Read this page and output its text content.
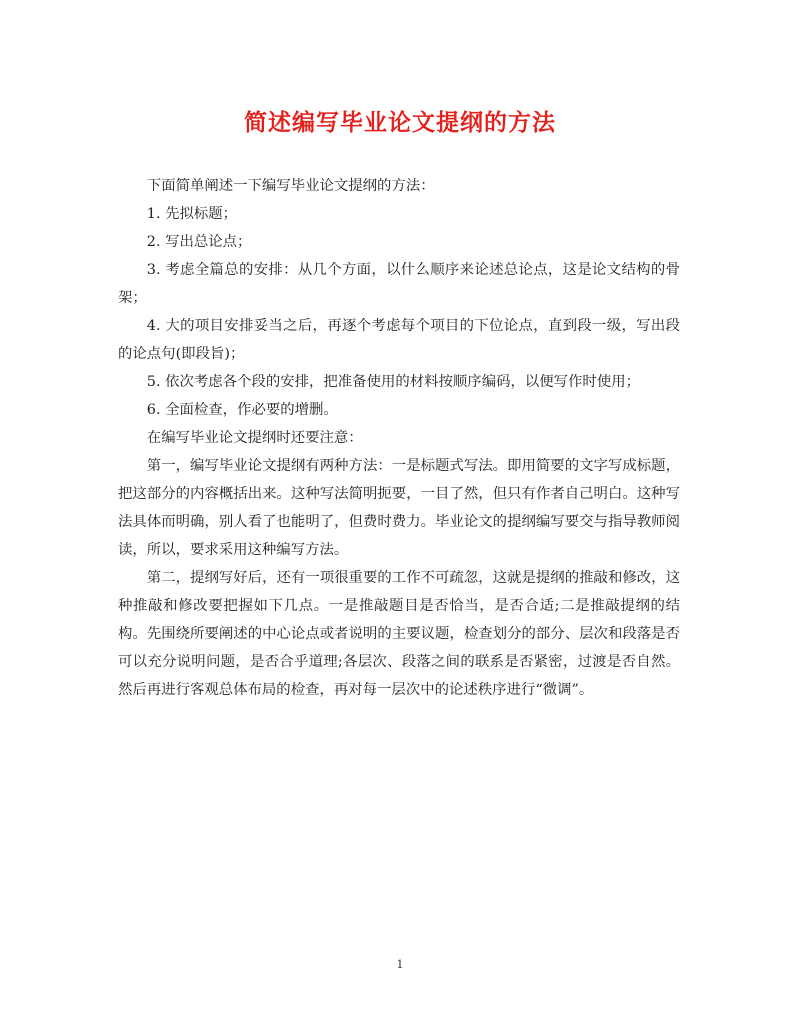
简述编写毕业论文提纲的方法

下面简单阐述一下编写毕业论文提纲的方法：

1. 先拟标题；

2. 写出总论点；

3. 考虑全篇总的安排：从几个方面，以什么顺序来论述总论点，这是论文结构的骨架；

4. 大的项目安排妥当之后，再逐个考虑每个项目的下位论点，直到段一级，写出段的论点句(即段旨)；

5. 依次考虑各个段的安排，把准备使用的材料按顺序编码，以便写作时使用；

6. 全面检查，作必要的增删。

在编写毕业论文提纲时还要注意：

第一，编写毕业论文提纲有两种方法：一是标题式写法。即用简要的文字写成标题，把这部分的内容概括出来。这种写法简明扼要，一目了然，但只有作者自己明白。这种写法具体而明确，别人看了也能明了，但费时费力。毕业论文的提纲编写要交与指导教师阅读，所以，要求采用这种编写方法。

第二，提纲写好后，还有一项很重要的工作不可疏忽，这就是提纲的推敲和修改，这种推敲和修改要把握如下几点。一是推敲题目是否恰当，是否合适;二是推敲提纲的结构。先围绕所要阐述的中心论点或者说明的主要议题，检查划分的部分、层次和段落是否可以充分说明问题，是否合乎道理;各层次、段落之间的联系是否紧密，过渡是否自然。然后再进行客观总体布局的检查，再对每一层次中的论述秩序进行“微调”。

1
